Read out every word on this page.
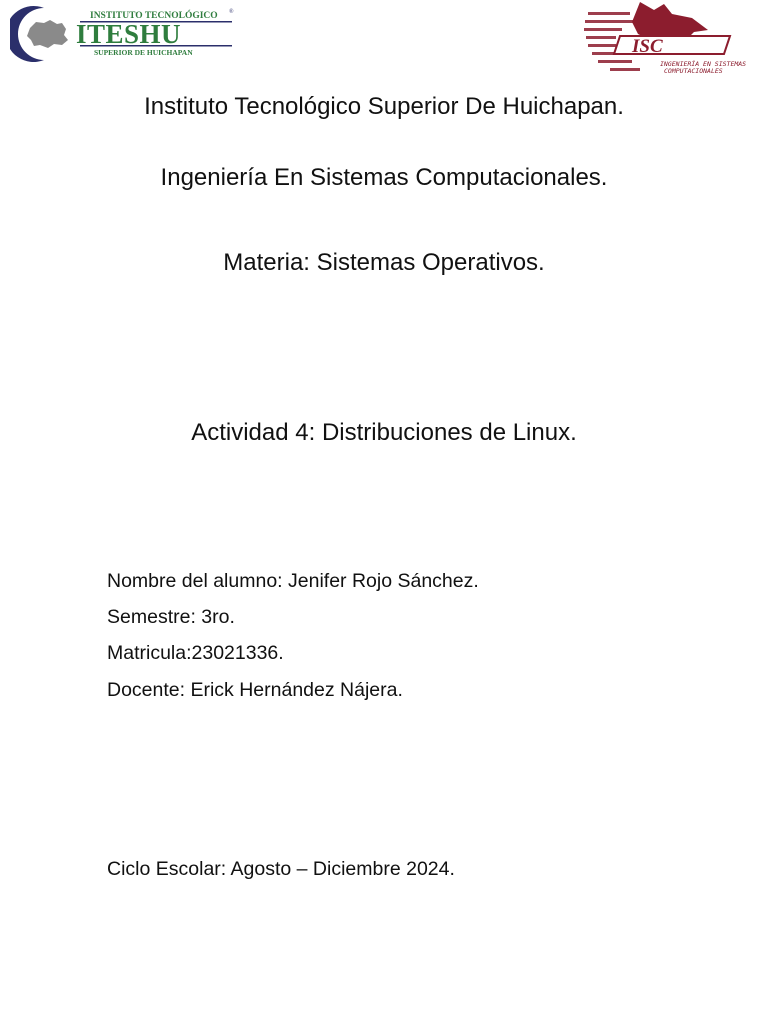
INSTITUTO TECNOLÓGICO ®
ITESHU
SUPERIOR DE HUICHAPAN	ISC
INGENIERÍA EN SISTEMAS
COMPUTACIONALES
Instituto Tecnológico Superior De Huichapan.
Ingeniería En Sistemas Computacionales.
Materia: Sistemas Operativos.
Actividad 4: Distribuciones de Linux.
Nombre del alumno: Jenifer Rojo Sánchez.
Semestre: 3ro.
Matricula:23021336.
Docente: Erick Hernández Nájera.
Ciclo Escolar: Agosto – Diciembre 2024.
